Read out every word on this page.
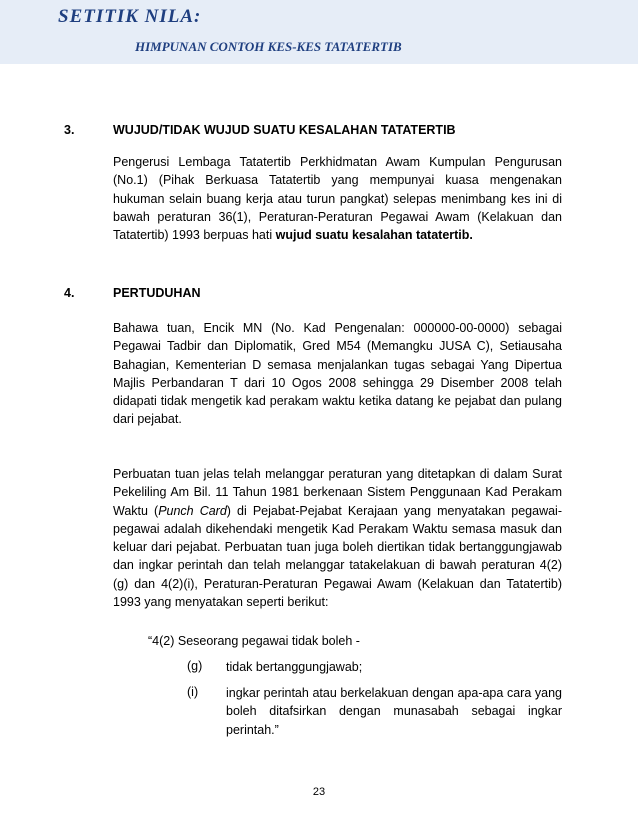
SETITIK NILA:
HIMPUNAN CONTOH KES-KES TATATERTIB
3.	WUJUD/TIDAK WUJUD SUATU KESALAHAN TATATERTIB

Pengerusi Lembaga Tatatertib Perkhidmatan Awam Kumpulan Pengurusan (No.1) (Pihak Berkuasa Tatatertib yang mempunyai kuasa mengenakan hukuman selain buang kerja atau turun pangkat) selepas menimbang kes ini di bawah peraturan 36(1), Peraturan-Peraturan Pegawai Awam (Kelakuan dan Tatatertib) 1993 berpuas hati wujud suatu kesalahan tatatertib.

4.	PERTUDUHAN

Bahawa tuan, Encik MN (No. Kad Pengenalan: 000000-00-0000) sebagai Pegawai Tadbir dan Diplomatik, Gred M54 (Memangku JUSA C), Setiausaha Bahagian, Kementerian D semasa menjalankan tugas sebagai Yang Dipertua Majlis Perbandaran T dari 10 Ogos 2008 sehingga 29 Disember 2008 telah didapati tidak mengetik kad perakam waktu ketika datang ke pejabat dan pulang dari pejabat.

Perbuatan tuan jelas telah melanggar peraturan yang ditetapkan di dalam Surat Pekeliling Am Bil. 11 Tahun 1981 berkenaan Sistem Penggunaan Kad Perakam Waktu (Punch Card) di Pejabat-Pejabat Kerajaan yang menyatakan pegawai-pegawai adalah dikehendaki mengetik Kad Perakam Waktu semasa masuk dan keluar dari pejabat. Perbuatan tuan juga boleh diertikan tidak bertanggungjawab dan ingkar perintah dan telah melanggar tatakelakuan di bawah peraturan 4(2)(g) dan 4(2)(i), Peraturan-Peraturan Pegawai Awam (Kelakuan dan Tatatertib) 1993 yang menyatakan seperti berikut:

“4(2) Seseorang pegawai tidak boleh -

(g) tidak bertanggungjawab;

(i) ingkar perintah atau berkelakuan dengan apa-apa cara yang boleh ditafsirkan dengan munasabah sebagai ingkar perintah.”

23
